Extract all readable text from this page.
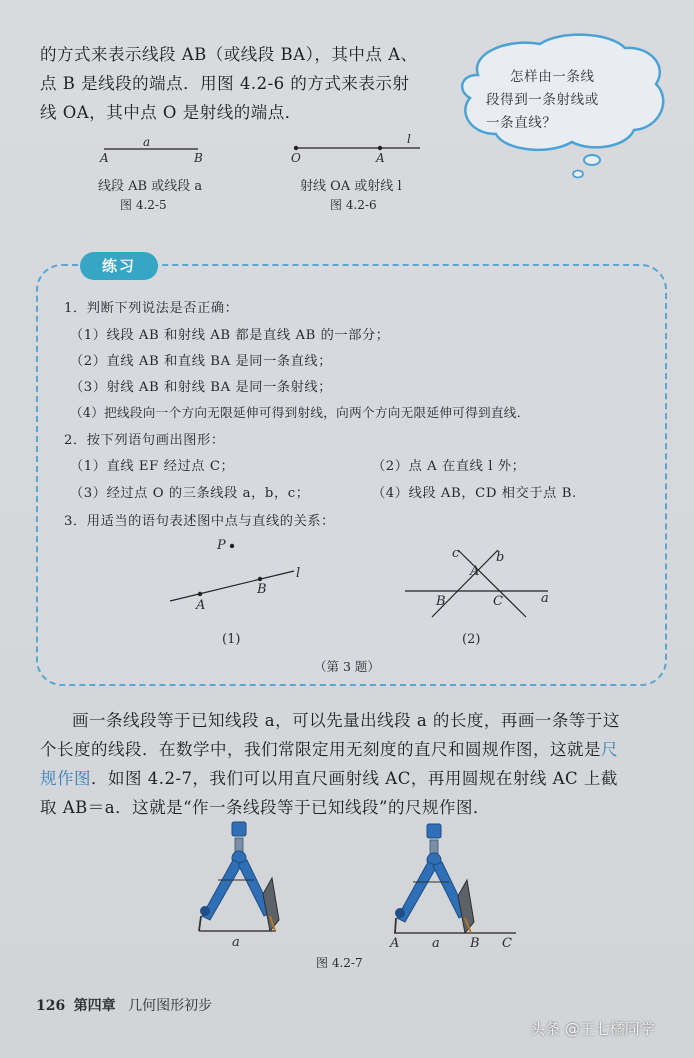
的方式来表示线段 AB（或线段 BA），其中点 A、
点 B 是线段的端点．用图 4.2-6 的方式来表示射
线 OA，其中点 O 是射线的端点．
怎样由一条线
段得到一条射线或
一条直线？
a
A	B
线段 AB 或线段 a
图 4.2-5
l
O	A
射线 OA 或射线 l
图 4.2-6
练习
1．判断下列说法是否正确：
（1）线段 AB 和射线 AB 都是直线 AB 的一部分；
（2）直线 AB 和直线 BA 是同一条直线；
（3）射线 AB 和射线 BA 是同一条射线；
（4）把线段向一个方向无限延伸可得到射线，向两个方向无限延伸可得到直线．
2．按下列语句画出图形：
（1）直线 EF 经过点 C；	（2）点 A 在直线 l 外；
（3）经过点 O 的三条线段 a，b，c；	（4）线段 AB，CD 相交于点 B.
3．用适当的语句表述图中点与直线的关系：
P
A
B
l
(1)
c	b
A
B	C	a
(2)
（第 3 题）
画一条线段等于已知线段 a，可以先量出线段 a 的长度，再画一条等于这
个长度的线段．在数学中，我们常限定用无刻度的直尺和圆规作图，这就是尺
规作图．如图 4.2-7，我们可以用直尺画射线 AC，再用圆规在射线 AC 上截
取 AB＝a．这就是“作一条线段等于已知线段”的尺规作图．
a	A	a B C
图 4.2-7
126 第四章 几何图形初步
头条 @王七橘同学
